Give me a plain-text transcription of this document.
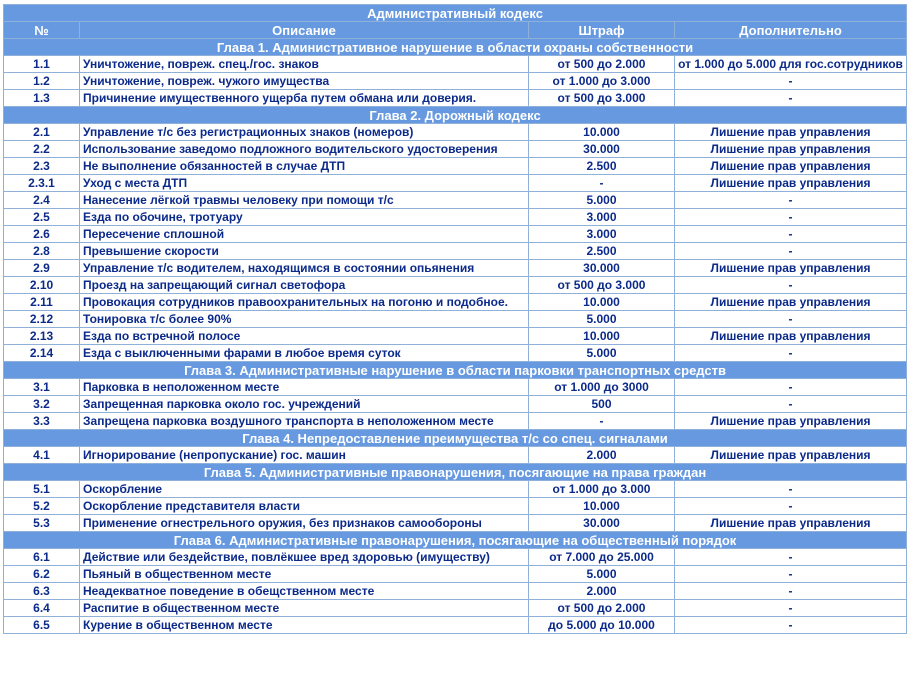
Административный кодекс			
№	Описание	Штраф	Дополнительно
Глава 1. Административное нарушение в области охраны собственности			
1.1	Уничтожение, повреж. спец./гос. знаков	от 500 до 2.000	от 1.000 до 5.000 для гос.сотрудников
1.2	Уничтожение, повреж. чужого имущества	от 1.000 до 3.000	-
1.3	Причинение имущественного ущерба путем обмана или доверия.	от 500 до 3.000	-
Глава 2. Дорожный кодекс			
2.1	Управление т/с без регистрационных знаков (номеров)	10.000	Лишение прав управления
2.2	Использование заведомо подложного водительского удостоверения	30.000	Лишение прав управления
2.3	Не выполнение обязанностей в случае ДТП	2.500	Лишение прав управления
2.3.1	Уход с места ДТП	-	Лишение прав управления
2.4	Нанесение лёгкой травмы человеку при помощи т/с	5.000	-
2.5	Езда по обочине, тротуару	3.000	-
2.6	Пересечение сплошной	3.000	-
2.8	Превышение скорости	2.500	-
2.9	Управление т/с водителем, находящимся в состоянии опьянения	30.000	Лишение прав управления
2.10	Проезд на запрещающий сигнал светофора	от 500 до 3.000	-
2.11	Провокация сотрудников правоохранительных на погоню и подобное.	10.000	Лишение прав управления
2.12	Тонировка т/с более 90%	5.000	-
2.13	Езда по встречной полосе	10.000	Лишение прав управления
2.14	Езда с выключенными фарами в любое время суток	5.000	-
Глава 3. Административные нарушение в области парковки транспортных средств			
3.1	Парковка в неположенном месте	от 1.000 до 3000	-
3.2	Запрещенная парковка около гос. учреждений	500	-
3.3	Запрещена парковка воздушного транспорта в неположенном месте	-	Лишение прав управления
Глава 4. Непредоставление преимущества т/с со спец. сигналами			
4.1	Игнорирование (непропускание) гос. машин	2.000	Лишение прав управления
Глава 5. Административные правонарушения, посягающие на права граждан			
5.1	Оскорбление	от 1.000 до 3.000	-
5.2	Оскорбление представителя власти	10.000	-
5.3	Применение огнестрельного оружия, без признаков самообороны	30.000	Лишение прав управления
Глава 6. Административные правонарушения, посягающие на общественный порядок			
6.1	Действие или бездействие, повлёкшее вред здоровью (имуществу)	от 7.000 до 25.000	-
6.2	Пьяный в общественном месте	5.000	-
6.3	Неадекватное поведение в обещственном месте	2.000	-
6.4	Распитие в общественном месте	от 500 до 2.000	-
6.5	Курение в общественном месте	до 5.000 до 10.000	-
